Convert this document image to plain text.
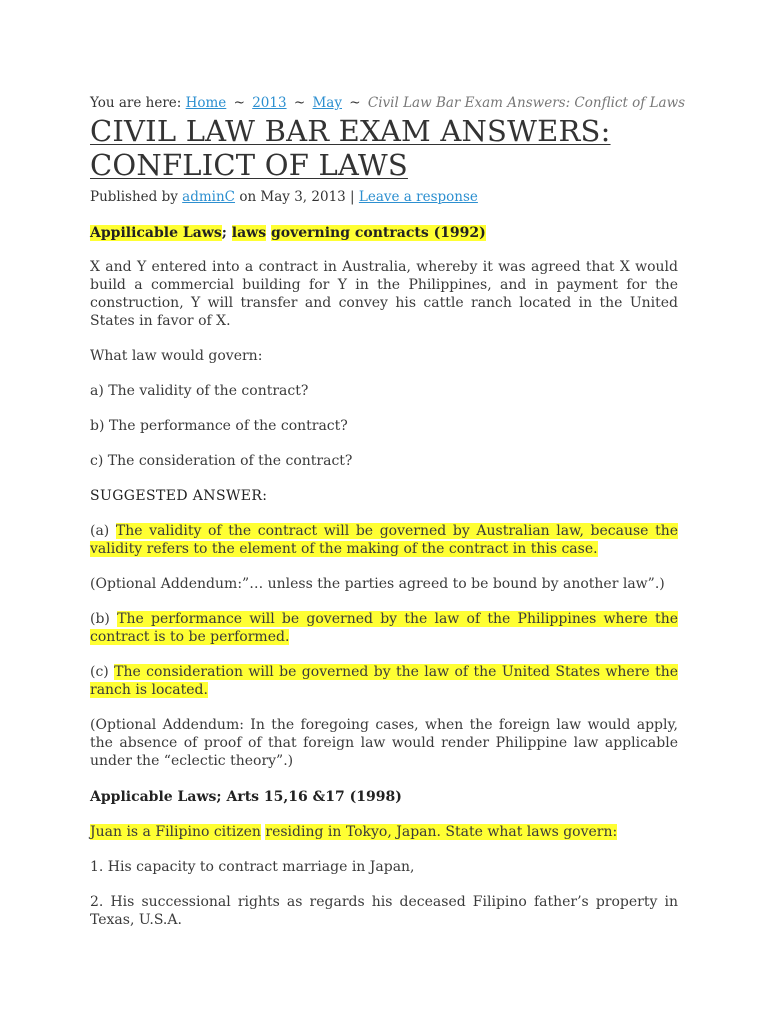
You are here: Home ~ 2013 ~ May ~ Civil Law Bar Exam Answers: Conflict of Laws
CIVIL LAW BAR EXAM ANSWERS:
CONFLICT OF LAWS
Published by adminC on May 3, 2013 | Leave a response
Appilicable Laws; laws governing contracts (1992)

X and Y entered into a contract in Australia, whereby it was agreed that X would build a commercial building for Y in the Philippines, and in payment for the construction, Y will transfer and convey his cattle ranch located in the United States in favor of X.

What law would govern:

a) The validity of the contract?

b) The performance of the contract?

c) The consideration of the contract?

SUGGESTED ANSWER:

(a) The validity of the contract will be governed by Australian law, because the validity refers to the element of the making of the contract in this case.

(Optional Addendum:”… unless the parties agreed to be bound by another law”.)

(b) The performance will be governed by the law of the Philippines where the contract is to be performed.

(c) The consideration will be governed by the law of the United States where the ranch is located.

(Optional Addendum: In the foregoing cases, when the foreign law would apply, the absence of proof of that foreign law would render Philippine law applicable under the “eclectic theory”.)

Applicable Laws; Arts 15,16 &17 (1998)

Juan is a Filipino citizen residing in Tokyo, Japan. State what laws govern:

1. His capacity to contract marriage in Japan,

2. His successional rights as regards his deceased Filipino father’s property in Texas, U.S.A.
